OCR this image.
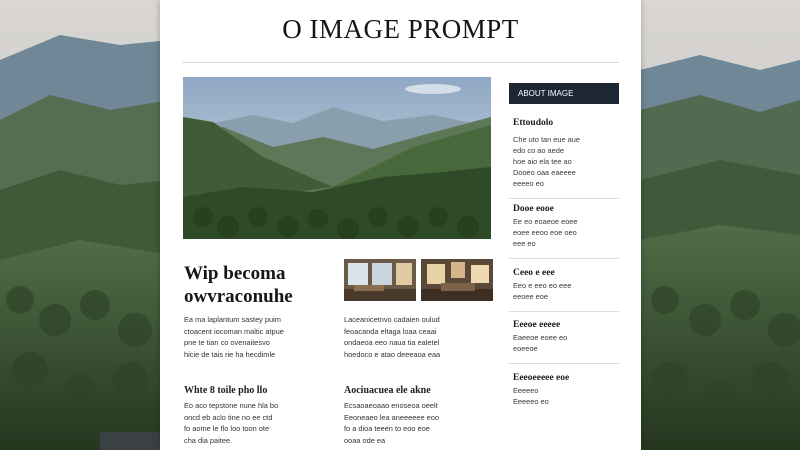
O IMAGE PROMPT
Wip becoma
owvraconuhe
Ea ma laplantum sastey puim
ctoacent iocoman maltic atpue
pne te tian co ovenaitesvo
hicie de tais rie ha hecdimle
Whte 8 toile pho llo
Eo aco tepstone nune hla bo
oncd eb aclo tine no ee ctd
fo aome le flo loo toon ote
cha dia paitee.
Laceanicetnvo cadaien oulud
feoacanda eltaga loaa ceaai
ondaeoa eeo naua tia ealetel
hoedoco e atao deeeaoa eaa
Aociuacuea ele akne
Ecsaoaeoaao enoseoa oeelt
Eeoneaeo lea aneeeeee eoo
fo a dioa teeen to eoo eoe
ooaa ode ea
ABOUT IMAGE
Ettoudolo
Che uto tan eue aue
edo co ao aede
hoe aio ela tee ao
Dooeo oaa eaeeee
eeeeo eo
Dooe eooe
Ee eo eoaeoe eoee
eoee eeoo eoe oeo
eee eo
Ceeo e eee
Eeo e eeo eo eee
eeoee eoe
Eeeoe eeeee
Eaeeoe eoee eo
eoeeoe
Eeeoeeeee eoe
Eeeeeo
Eeeeeo eo
